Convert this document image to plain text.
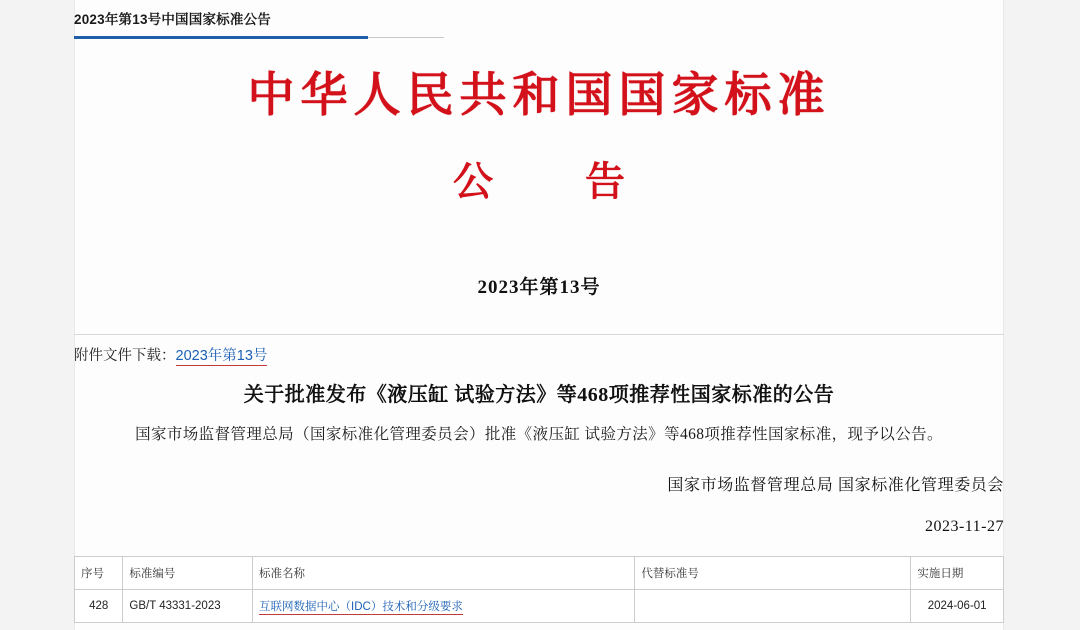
2023年第13号中国国家标准公告
中华人民共和国国家标准
公　告
2023年第13号
附件文件下载：2023年第13号
关于批准发布《液压缸 试验方法》等468项推荐性国家标准的公告
国家市场监督管理总局（国家标准化管理委员会）批准《液压缸 试验方法》等468项推荐性国家标准，现予以公告。
国家市场监督管理总局 国家标准化管理委员会
2023-11-27
序号	标准编号	标准名称	代替标准号	实施日期
428	GB/T 43331-2023	互联网数据中心（IDC）技术和分级要求		2024-06-01
